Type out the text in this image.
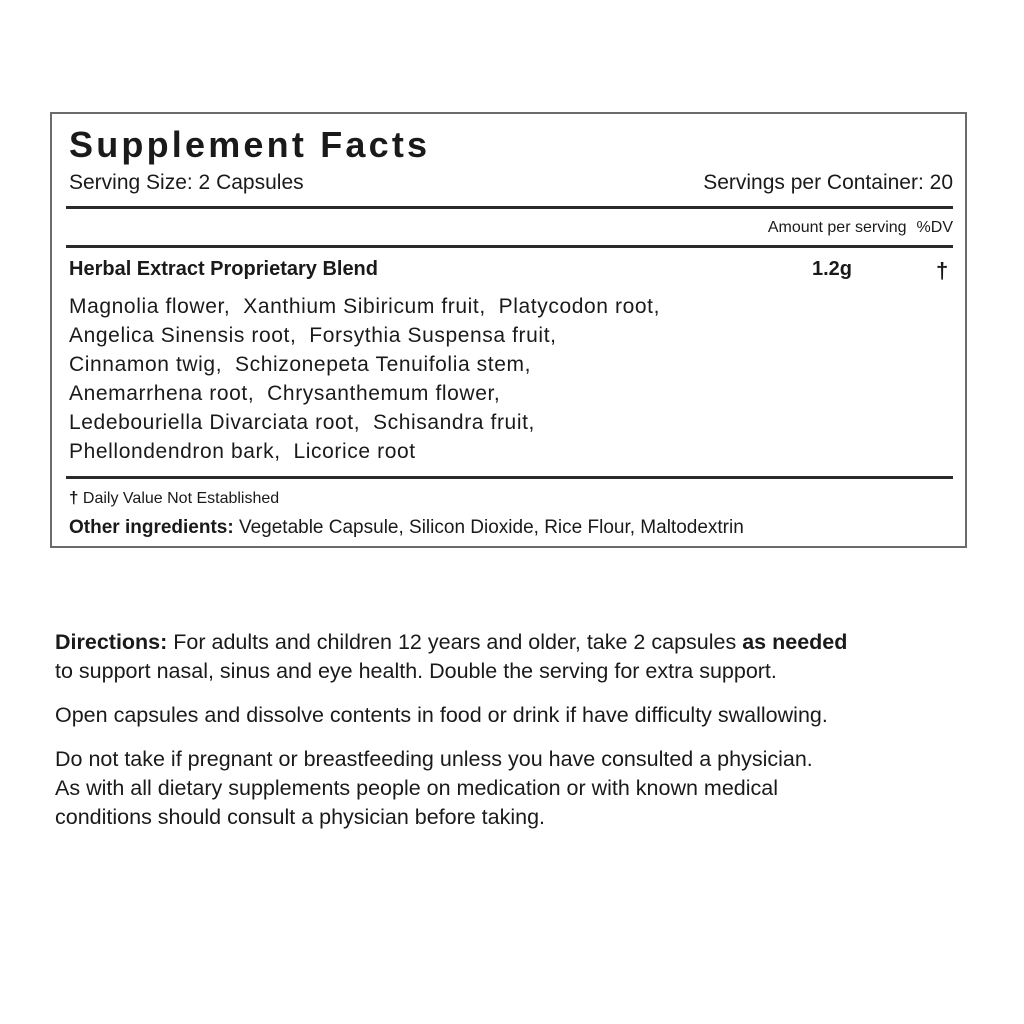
Supplement Facts
Serving Size: 2 Capsules	Servings per Container: 20
Amount per serving %DV
Herbal Extract Proprietary Blend	1.2g	†
Magnolia flower,  Xanthium Sibiricum fruit,  Platycodon root,
Angelica Sinensis root,  Forsythia Suspensa fruit,
Cinnamon twig,  Schizonepeta Tenuifolia stem,
Anemarrhena root,  Chrysanthemum flower,
Ledebouriella Divarciata root,  Schisandra fruit,
Phellondendron bark,  Licorice root
† Daily Value Not Established
Other ingredients: Vegetable Capsule, Silicon Dioxide, Rice Flour, Maltodextrin

Directions: For adults and children 12 years and older, take 2 capsules as needed
to support nasal, sinus and eye health. Double the serving for extra support.

Open capsules and dissolve contents in food or drink if have difficulty swallowing.

Do not take if pregnant or breastfeeding unless you have consulted a physician.
As with all dietary supplements people on medication or with known medical
conditions should consult a physician before taking.
